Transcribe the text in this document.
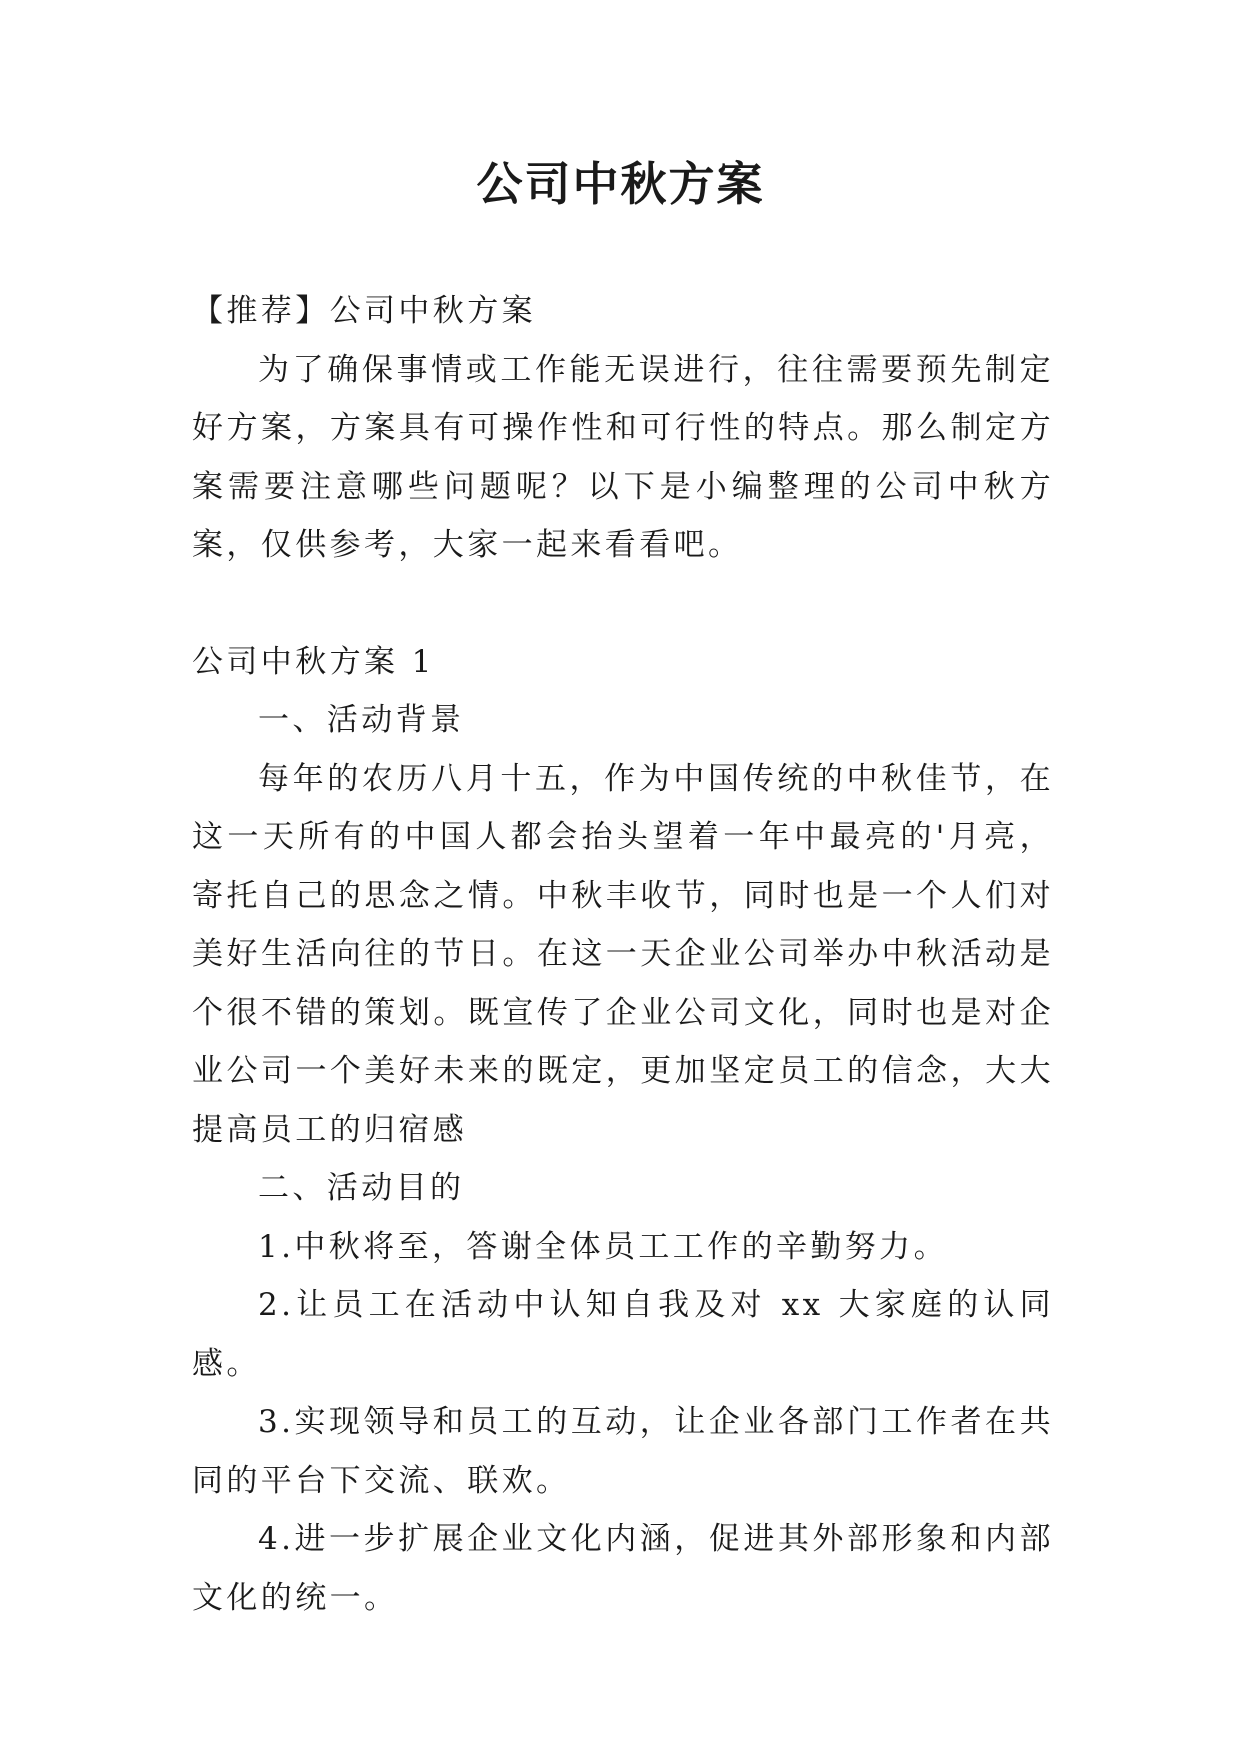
公司中秋方案

【推荐】公司中秋方案

为了确保事情或工作能无误进行，往往需要预先制定好方案，方案具有可操作性和可行性的特点。那么制定方案需要注意哪些问题呢？以下是小编整理的公司中秋方案，仅供参考，大家一起来看看吧。

公司中秋方案 1

一、活动背景

每年的农历八月十五，作为中国传统的中秋佳节，在这一天所有的中国人都会抬头望着一年中最亮的'月亮，寄托自己的思念之情。中秋丰收节，同时也是一个人们对美好生活向往的节日。在这一天企业公司举办中秋活动是个很不错的策划。既宣传了企业公司文化，同时也是对企业公司一个美好未来的既定，更加坚定员工的信念，大大提高员工的归宿感

二、活动目的

1.中秋将至，答谢全体员工工作的辛勤努力。

2.让员工在活动中认知自我及对 xx 大家庭的认同感。

3.实现领导和员工的互动，让企业各部门工作者在共同的平台下交流、联欢。

4.进一步扩展企业文化内涵，促进其外部形象和内部文化的统一。
